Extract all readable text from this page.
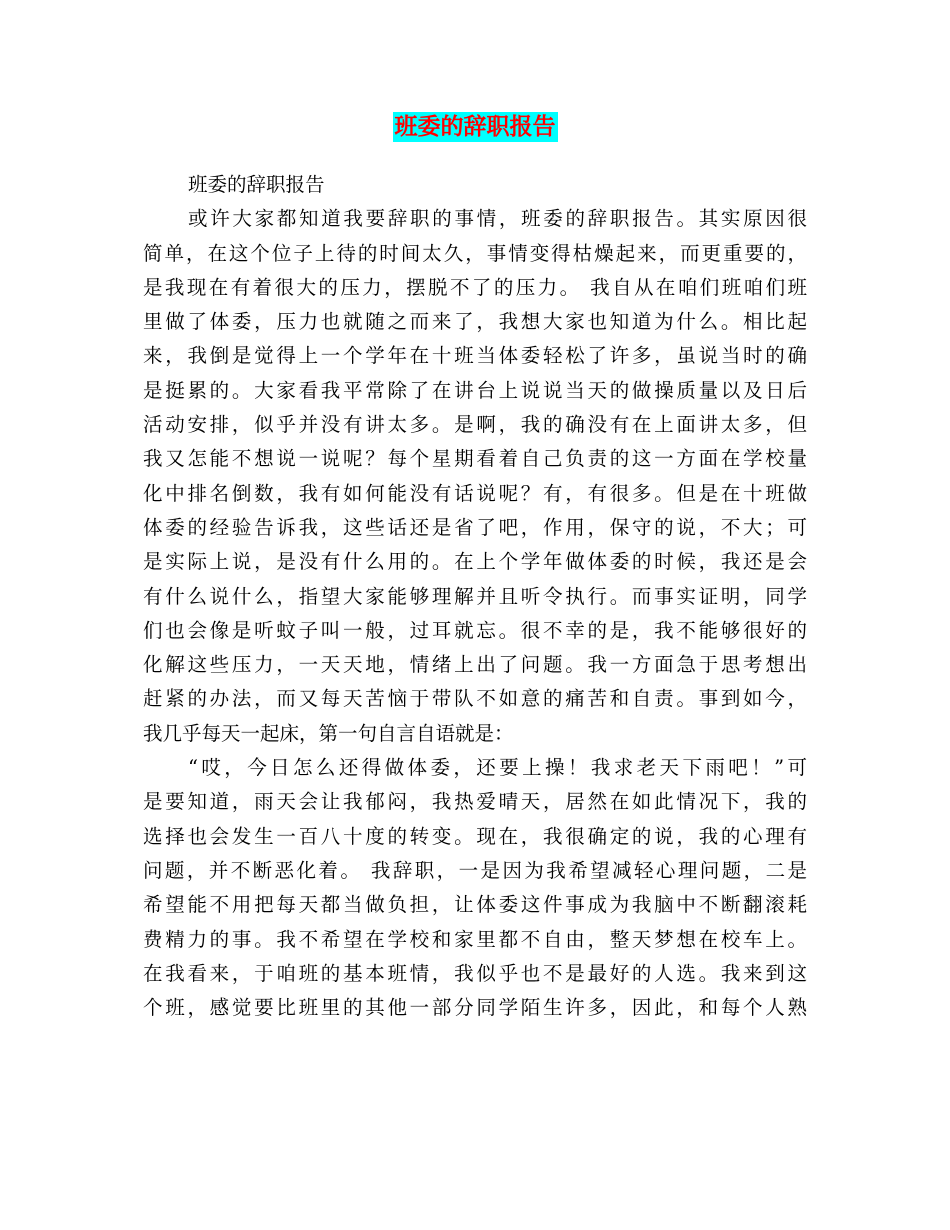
班委的辞职报告
班委的辞职报告
或许大家都知道我要辞职的事情，班委的辞职报告。其实原因很
简单，在这个位子上待的时间太久，事情变得枯燥起来，而更重要的，
是我现在有着很大的压力，摆脱不了的压力。 我自从在咱们班咱们班
里做了体委，压力也就随之而来了，我想大家也知道为什么。相比起
来，我倒是觉得上一个学年在十班当体委轻松了许多，虽说当时的确
是挺累的。大家看我平常除了在讲台上说说当天的做操质量以及日后
活动安排，似乎并没有讲太多。是啊，我的确没有在上面讲太多，但
我又怎能不想说一说呢？每个星期看着自己负责的这一方面在学校量
化中排名倒数，我有如何能没有话说呢？有，有很多。但是在十班做
体委的经验告诉我，这些话还是省了吧，作用，保守的说，不大；可
是实际上说，是没有什么用的。在上个学年做体委的时候，我还是会
有什么说什么，指望大家能够理解并且听令执行。而事实证明，同学
们也会像是听蚊子叫一般，过耳就忘。很不幸的是，我不能够很好的
化解这些压力，一天天地，情绪上出了问题。我一方面急于思考想出
赶紧的办法，而又每天苦恼于带队不如意的痛苦和自责。事到如今，
我几乎每天一起床，第一句自言自语就是：
“哎，今日怎么还得做体委，还要上操！我求老天下雨吧！”可
是要知道，雨天会让我郁闷，我热爱晴天，居然在如此情况下，我的
选择也会发生一百八十度的转变。现在，我很确定的说，我的心理有
问题，并不断恶化着。 我辞职，一是因为我希望减轻心理问题，二是
希望能不用把每天都当做负担，让体委这件事成为我脑中不断翻滚耗
费精力的事。我不希望在学校和家里都不自由，整天梦想在校车上。
在我看来，于咱班的基本班情，我似乎也不是最好的人选。我来到这
个班，感觉要比班里的其他一部分同学陌生许多，因此，和每个人熟
